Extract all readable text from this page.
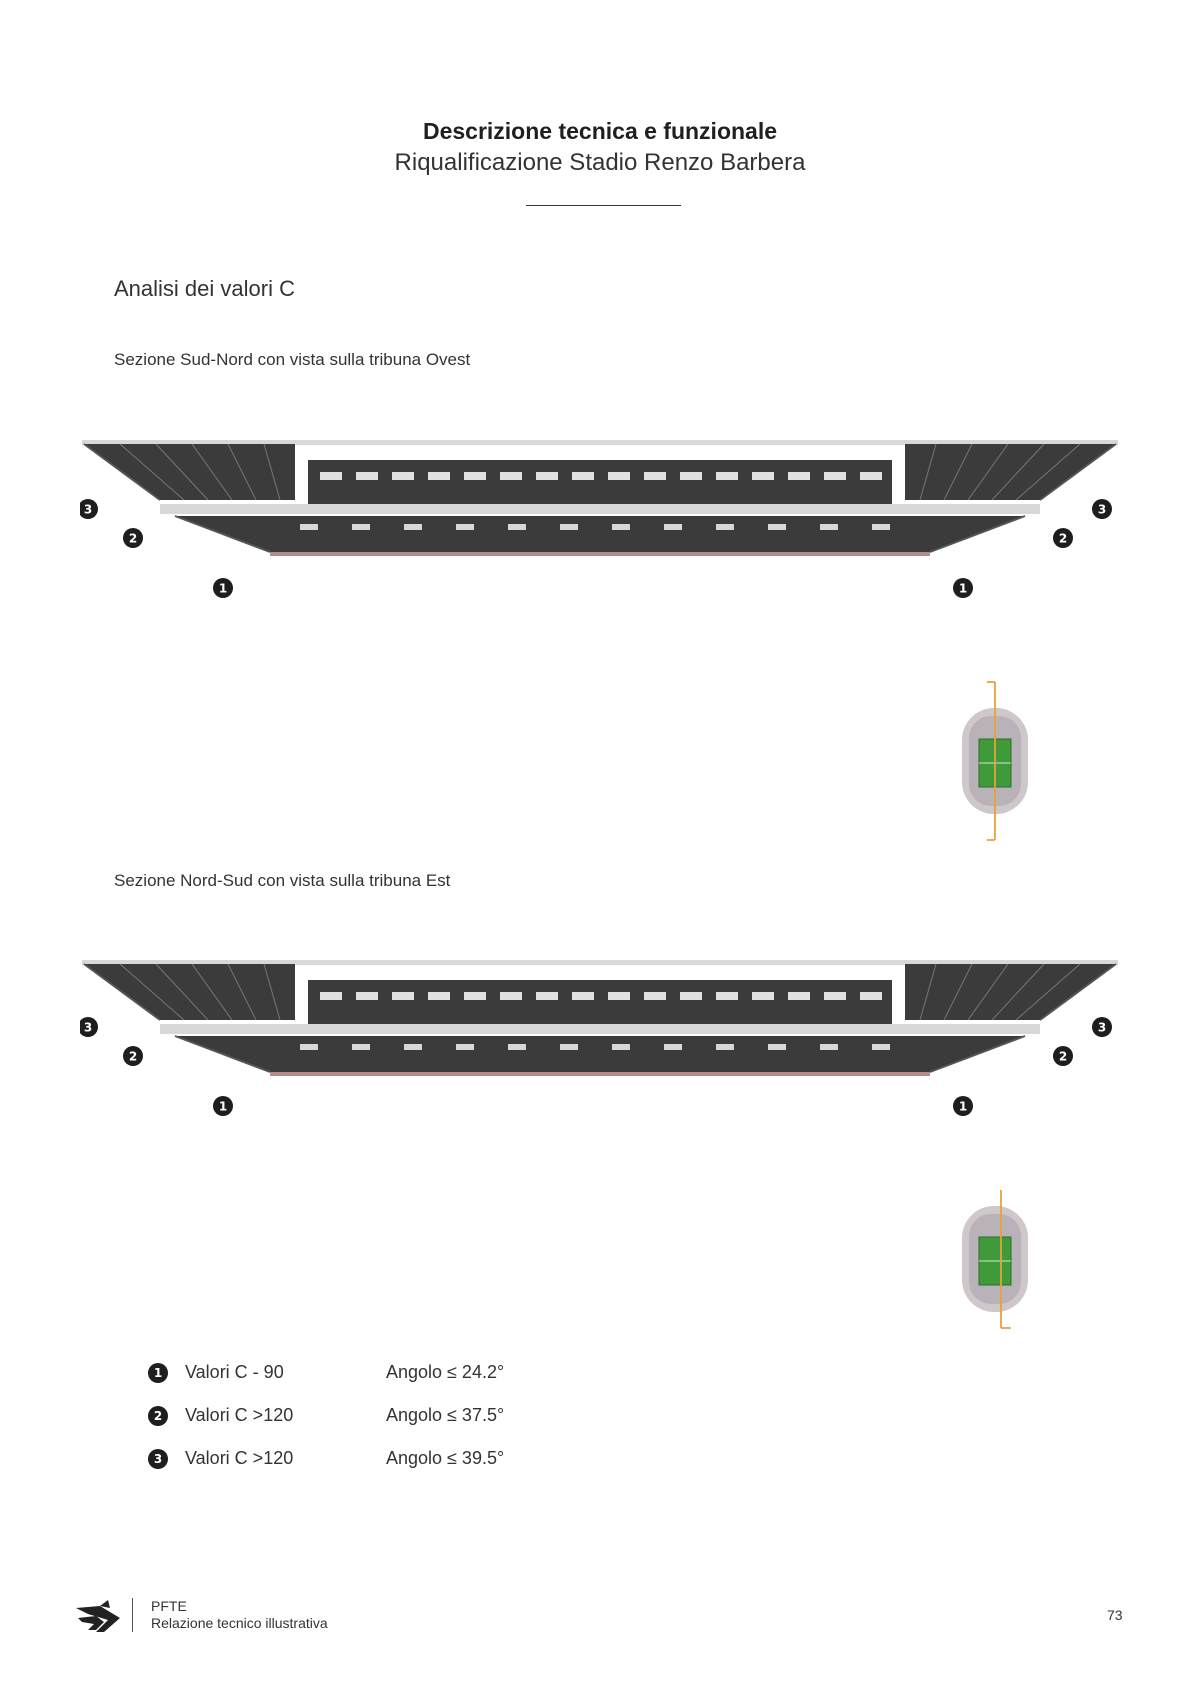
Descrizione tecnica e funzionale
Riqualificazione Stadio Renzo Barbera
Analisi dei valori C
Sezione Sud-Nord con vista sulla tribuna Ovest
3
2
1
3
2
1
Sezione Nord-Sud con vista sulla tribuna Est
3
2
1
3
2
1
1	Valori C - 90	Angolo ≤ 24.2°
2	Valori C >120	Angolo ≤ 37.5°
3	Valori C >120	Angolo ≤ 39.5°
PFTE
Relazione tecnico illustrativa	73
